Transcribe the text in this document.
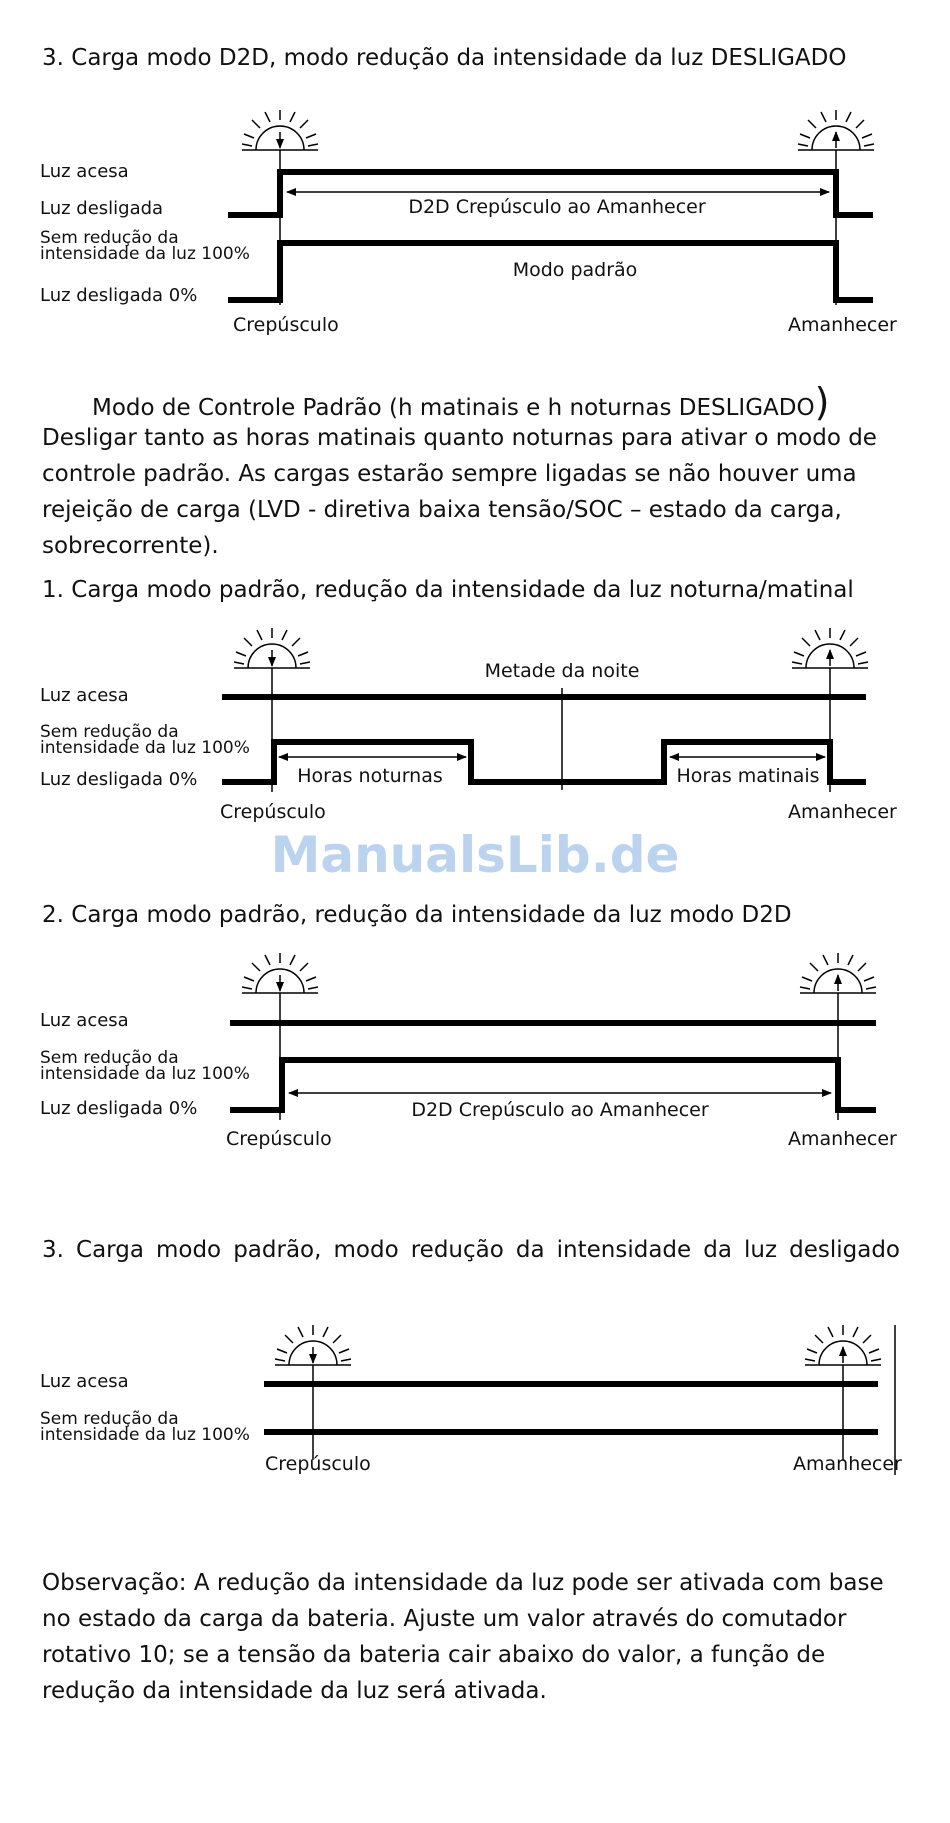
D2D Crepúsculo ao Amanhecer
Modo padrão
Crepúsculo	Amanhecer
Metade da noite
Horas noturnas	Horas matinais
Crepúsculo	Amanhecer
D2D Crepúsculo ao Amanhecer
Crepúsculo	Amanhecer
Crepúsculo	Amanhecer
3. Carga modo D2D, modo redução da intensidade da luz DESLIGADO
Luz acesa
Luz desligada
Sem redução da
intensidade da luz 100%
Luz desligada 0%
Modo de Controle Padrão (h matinais e h noturnas DESLIGADO)

Desligar tanto as horas matinais quanto noturnas para ativar o modo de controle padrão. As cargas estarão sempre ligadas se não houver uma rejeição de carga (LVD - diretiva baixa tensão/SOC – estado da carga, sobrecorrente).

1. Carga modo padrão, redução da intensidade da luz noturna/matinal
Luz acesa
Sem redução da
intensidade da luz 100%
Luz desligada 0%
ManualsLib.de
2. Carga modo padrão, redução da intensidade da luz modo D2D
Luz acesa
Sem redução da
intensidade da luz 100%
Luz desligada 0%

3. Carga modo padrão, modo redução da intensidade da luz desligado

Luz acesa
Sem redução da
intensidade da luz 100%

Observação: A redução da intensidade da luz pode ser ativada com base no estado da carga da bateria. Ajuste um valor através do comutador rotativo 10; se a tensão da bateria cair abaixo do valor, a função de redução da intensidade da luz será ativada.
